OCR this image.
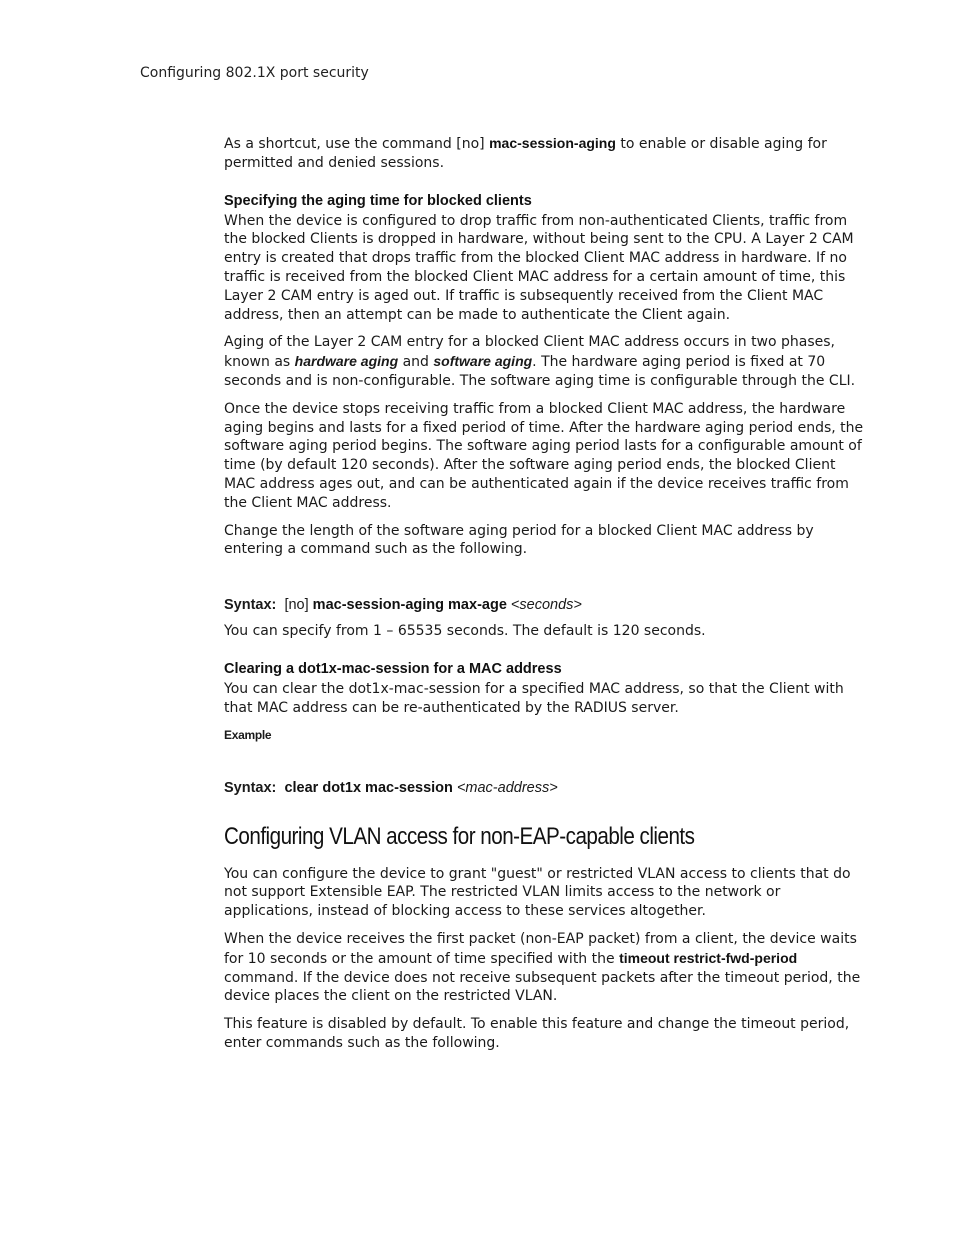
Configuring 802.1X port security

As a shortcut, use the command [no] mac-session-aging to enable or disable aging for permitted and denied sessions.

Specifying the aging time for blocked clients

When the device is configured to drop traffic from non-authenticated Clients, traffic from the blocked Clients is dropped in hardware, without being sent to the CPU. A Layer 2 CAM entry is created that drops traffic from the blocked Client MAC address in hardware. If no traffic is received from the blocked Client MAC address for a certain amount of time, this Layer 2 CAM entry is aged out. If traffic is subsequently received from the Client MAC address, then an attempt can be made to authenticate the Client again.

Aging of the Layer 2 CAM entry for a blocked Client MAC address occurs in two phases, known as hardware aging and software aging. The hardware aging period is fixed at 70 seconds and is non-configurable. The software aging time is configurable through the CLI.

Once the device stops receiving traffic from a blocked Client MAC address, the hardware aging begins and lasts for a fixed period of time. After the hardware aging period ends, the software aging period begins. The software aging period lasts for a configurable amount of time (by default 120 seconds). After the software aging period ends, the blocked Client MAC address ages out, and can be authenticated again if the device receives traffic from the Client MAC address.

Change the length of the software aging period for a blocked Client MAC address by entering a command such as the following.

Syntax: [no] mac-session-aging max-age <seconds>

You can specify from 1 – 65535 seconds. The default is 120 seconds.

Clearing a dot1x-mac-session for a MAC address

You can clear the dot1x-mac-session for a specified MAC address, so that the Client with that MAC address can be re-authenticated by the RADIUS server.

Example
Syntax: clear dot1x mac-session <mac-address>
Configuring VLAN access for non-EAP-capable clients

You can configure the device to grant "guest" or restricted VLAN access to clients that do not support Extensible EAP. The restricted VLAN limits access to the network or applications, instead of blocking access to these services altogether.

When the device receives the first packet (non-EAP packet) from a client, the device waits for 10 seconds or the amount of time specified with the timeout restrict-fwd-period command. If the device does not receive subsequent packets after the timeout period, the device places the client on the restricted VLAN.

This feature is disabled by default. To enable this feature and change the timeout period, enter commands such as the following.
